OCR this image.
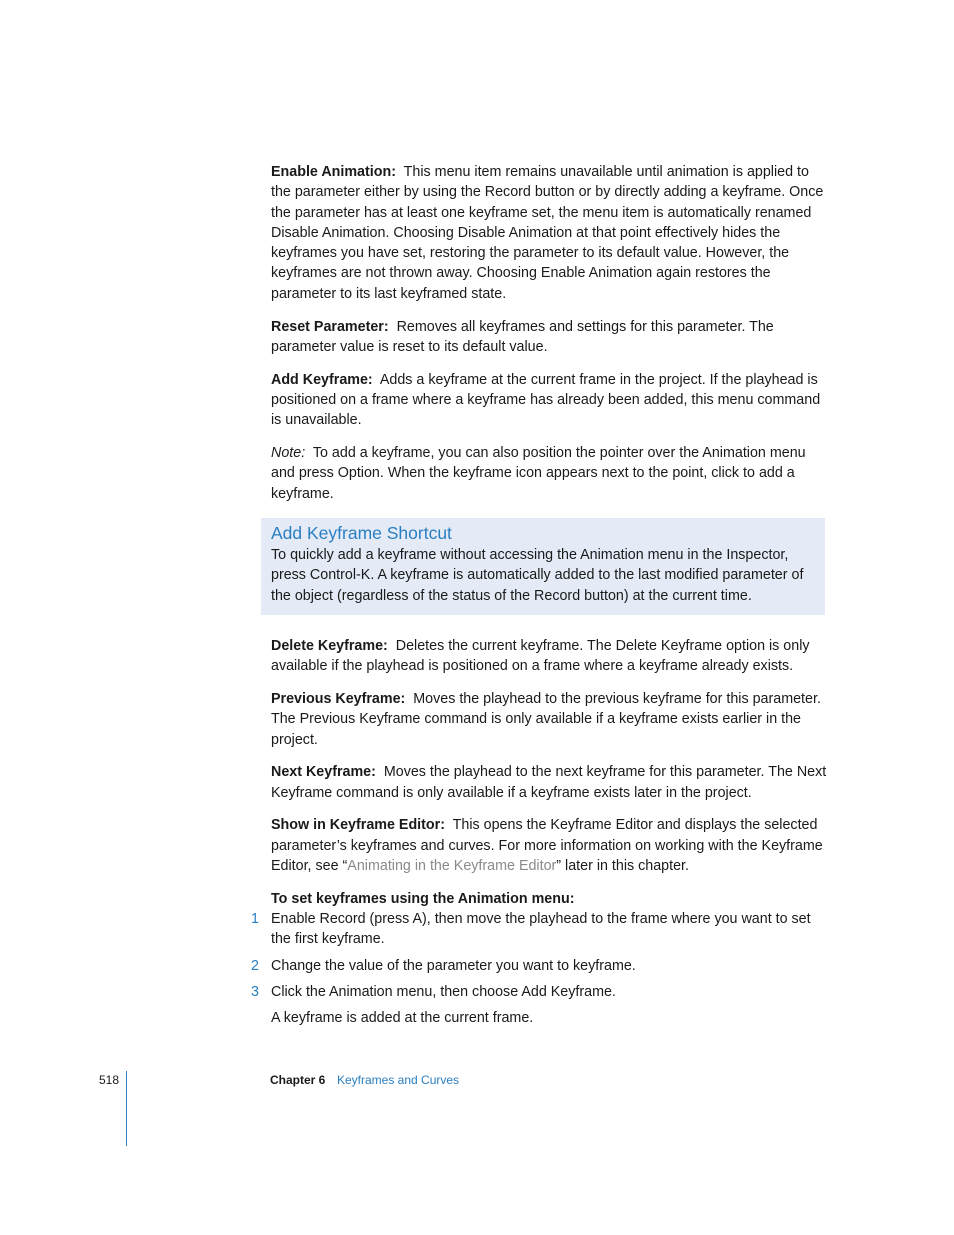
Enable Animation: This menu item remains unavailable until animation is applied to the parameter either by using the Record button or by directly adding a keyframe. Once the parameter has at least one keyframe set, the menu item is automatically renamed Disable Animation. Choosing Disable Animation at that point effectively hides the keyframes you have set, restoring the parameter to its default value. However, the keyframes are not thrown away. Choosing Enable Animation again restores the parameter to its last keyframed state.

Reset Parameter: Removes all keyframes and settings for this parameter. The parameter value is reset to its default value.

Add Keyframe: Adds a keyframe at the current frame in the project. If the playhead is positioned on a frame where a keyframe has already been added, this menu command is unavailable.

Note: To add a keyframe, you can also position the pointer over the Animation menu and press Option. When the keyframe icon appears next to the point, click to add a keyframe.

Add Keyframe Shortcut

To quickly add a keyframe without accessing the Animation menu in the Inspector, press Control-K. A keyframe is automatically added to the last modified parameter of the object (regardless of the status of the Record button) at the current time.

Delete Keyframe: Deletes the current keyframe. The Delete Keyframe option is only available if the playhead is positioned on a frame where a keyframe already exists.

Previous Keyframe: Moves the playhead to the previous keyframe for this parameter. The Previous Keyframe command is only available if a keyframe exists earlier in the project.

Next Keyframe: Moves the playhead to the next keyframe for this parameter. The Next Keyframe command is only available if a keyframe exists later in the project.

Show in Keyframe Editor: This opens the Keyframe Editor and displays the selected parameter’s keyframes and curves. For more information on working with the Keyframe Editor, see “Animating in the Keyframe Editor” later in this chapter.

To set keyframes using the Animation menu:

1 Enable Record (press A), then move the playhead to the frame where you want to set the first keyframe.
2 Change the value of the parameter you want to keyframe.
3 Click the Animation menu, then choose Add Keyframe.

A keyframe is added at the current frame.

518	Chapter 6 Keyframes and Curves
